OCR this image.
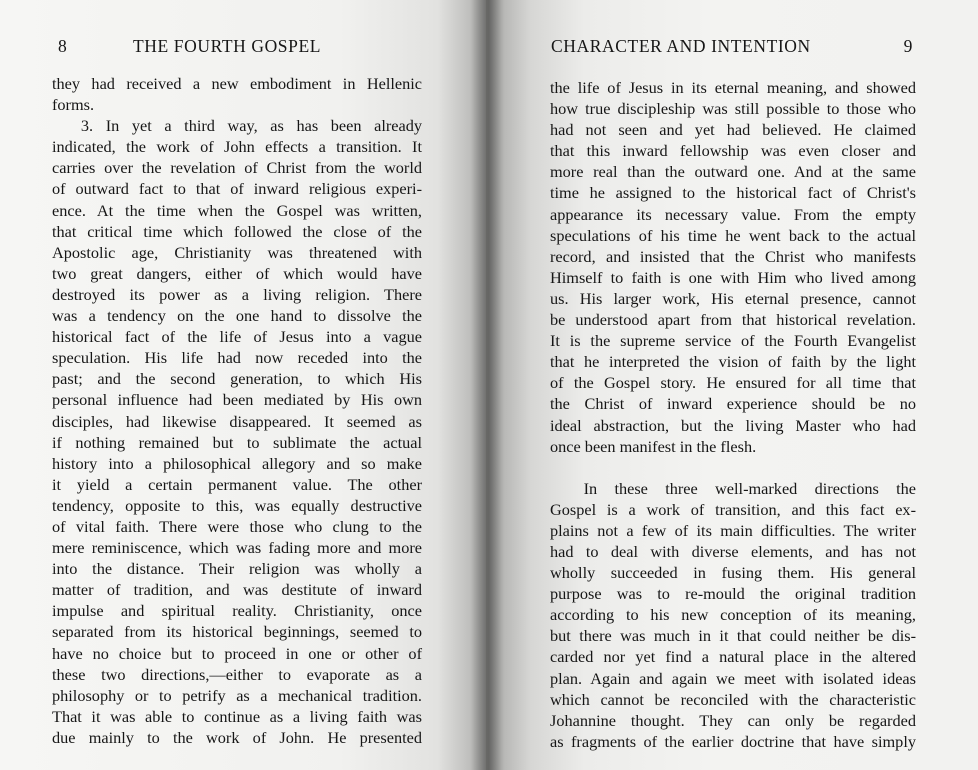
8	THE FOURTH GOSPEL
they had received a new embodiment in Hellenic
forms.
  3. In yet a third way, as has been already
indicated, the work of John effects a transition. It
carries over the revelation of Christ from the world
of outward fact to that of inward religious experi-
ence. At the time when the Gospel was written,
that critical time which followed the close of the
Apostolic age, Christianity was threatened with
two great dangers, either of which would have
destroyed its power as a living religion. There
was a tendency on the one hand to dissolve the
historical fact of the life of Jesus into a vague
speculation. His life had now receded into the
past; and the second generation, to which His
personal influence had been mediated by His own
disciples, had likewise disappeared. It seemed as
if nothing remained but to sublimate the actual
history into a philosophical allegory and so make
it yield a certain permanent value. The other
tendency, opposite to this, was equally destructive
of vital faith. There were those who clung to the
mere reminiscence, which was fading more and more
into the distance. Their religion was wholly a
matter of tradition, and was destitute of inward
impulse and spiritual reality. Christianity, once
separated from its historical beginnings, seemed to
have no choice but to proceed in one or other of
these two directions,—either to evaporate as a
philosophy or to petrify as a mechanical tradition.
That it was able to continue as a living faith was
due mainly to the work of John. He presented
CHARACTER AND INTENTION	9
the life of Jesus in its eternal meaning, and showed
how true discipleship was still possible to those who
had not seen and yet had believed. He claimed
that this inward fellowship was even closer and
more real than the outward one. And at the same
time he assigned to the historical fact of Christ's
appearance its necessary value. From the empty
speculations of his time he went back to the actual
record, and insisted that the Christ who manifests
Himself to faith is one with Him who lived among
us. His larger work, His eternal presence, cannot
be understood apart from that historical revelation.
It is the supreme service of the Fourth Evangelist
that he interpreted the vision of faith by the light
of the Gospel story. He ensured for all time that
the Christ of inward experience should be no
ideal abstraction, but the living Master who had
once been manifest in the flesh.
  In these three well-marked directions the
Gospel is a work of transition, and this fact ex-
plains not a few of its main difficulties. The writer
had to deal with diverse elements, and has not
wholly succeeded in fusing them. His general
purpose was to re-mould the original tradition
according to his new conception of its meaning,
but there was much in it that could neither be dis-
carded nor yet find a natural place in the altered
plan. Again and again we meet with isolated ideas
which cannot be reconciled with the characteristic
Johannine thought. They can only be regarded
as fragments of the earlier doctrine that have simply
